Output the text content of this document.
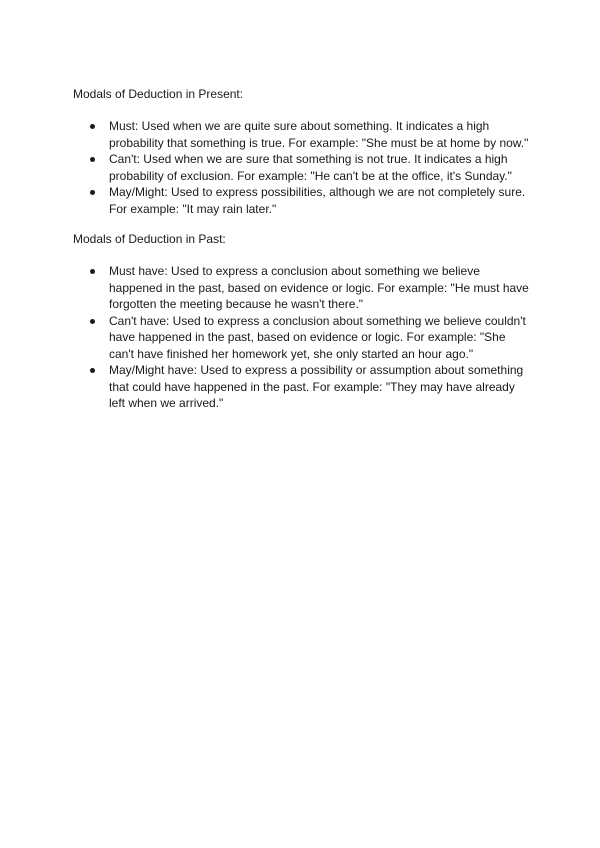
Modals of Deduction in Present:

Must: Used when we are quite sure about something. It indicates a high probability that something is true. For example: "She must be at home by now."
Can't: Used when we are sure that something is not true. It indicates a high probability of exclusion. For example: "He can't be at the office, it's Sunday."
May/Might: Used to express possibilities, although we are not completely sure. For example: "It may rain later."

Modals of Deduction in Past:

Must have: Used to express a conclusion about something we believe happened in the past, based on evidence or logic. For example: "He must have forgotten the meeting because he wasn't there."
Can't have: Used to express a conclusion about something we believe couldn't have happened in the past, based on evidence or logic. For example: "She can't have finished her homework yet, she only started an hour ago."
May/Might have: Used to express a possibility or assumption about something that could have happened in the past. For example: "They may have already left when we arrived."
